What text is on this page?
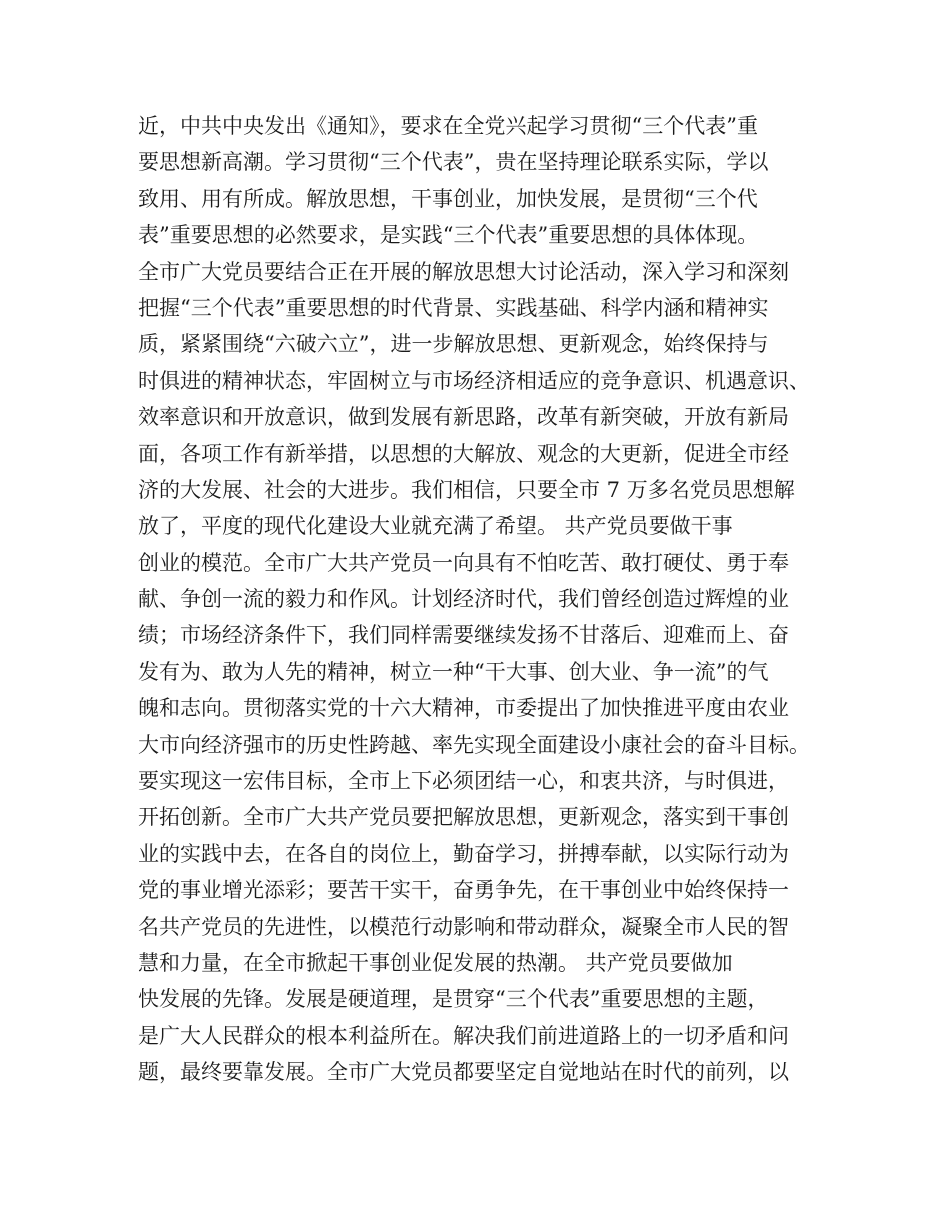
近，中共中央发出《通知》，要求在全党兴起学习贯彻“三个代表”重
要思想新高潮。学习贯彻“三个代表”，贵在坚持理论联系实际，学以
致用、用有所成。解放思想，干事创业，加快发展，是贯彻“三个代
表”重要思想的必然要求，是实践“三个代表”重要思想的具体体现。
全市广大党员要结合正在开展的解放思想大讨论活动，深入学习和深刻
把握“三个代表”重要思想的时代背景、实践基础、科学内涵和精神实
质，紧紧围绕“六破六立”，进一步解放思想、更新观念，始终保持与
时俱进的精神状态，牢固树立与市场经济相适应的竞争意识、机遇意识、
效率意识和开放意识，做到发展有新思路，改革有新突破，开放有新局
面，各项工作有新举措，以思想的大解放、观念的大更新，促进全市经
济的大发展、社会的大进步。我们相信，只要全市 7 万多名党员思想解
放了，平度的现代化建设大业就充满了希望。 共产党员要做干事
创业的模范。全市广大共产党员一向具有不怕吃苦、敢打硬仗、勇于奉
献、争创一流的毅力和作风。计划经济时代，我们曾经创造过辉煌的业
绩；市场经济条件下，我们同样需要继续发扬不甘落后、迎难而上、奋
发有为、敢为人先的精神，树立一种“干大事、创大业、争一流”的气
魄和志向。贯彻落实党的十六大精神，市委提出了加快推进平度由农业
大市向经济强市的历史性跨越、率先实现全面建设小康社会的奋斗目标。
要实现这一宏伟目标，全市上下必须团结一心，和衷共济，与时俱进，
开拓创新。全市广大共产党员要把解放思想，更新观念，落实到干事创
业的实践中去，在各自的岗位上，勤奋学习，拼搏奉献，以实际行动为
党的事业增光添彩；要苦干实干，奋勇争先，在干事创业中始终保持一
名共产党员的先进性，以模范行动影响和带动群众，凝聚全市人民的智
慧和力量，在全市掀起干事创业促发展的热潮。 共产党员要做加
快发展的先锋。发展是硬道理，是贯穿“三个代表”重要思想的主题，
是广大人民群众的根本利益所在。解决我们前进道路上的一切矛盾和问
题，最终要靠发展。全市广大党员都要坚定自觉地站在时代的前列，以
